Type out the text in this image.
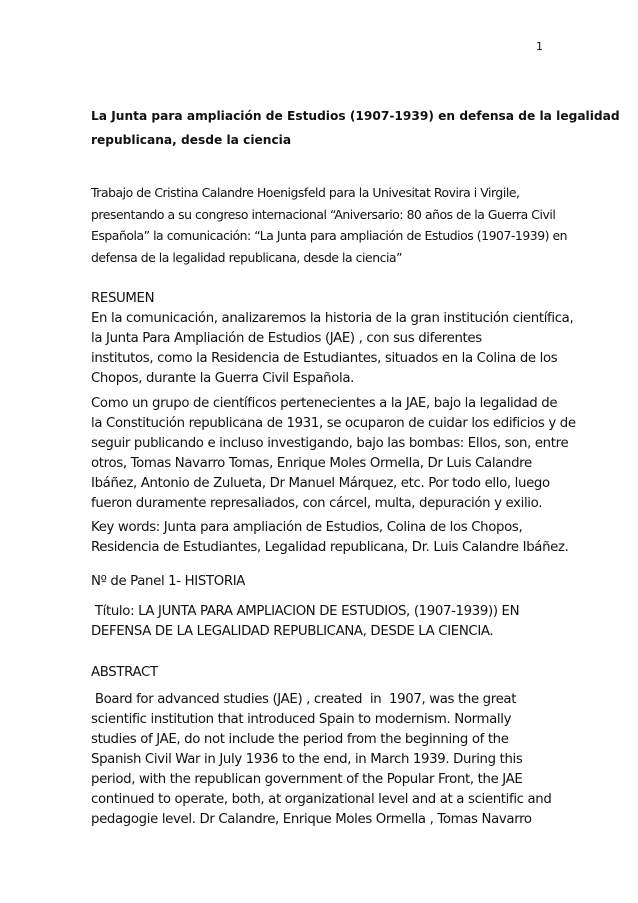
1
La Junta para ampliación de Estudios (1907-1939) en defensa de la legalidad
republicana, desde la ciencia
Trabajo de Cristina Calandre Hoenigsfeld para la Univesitat Rovira i Virgile,
presentando a su congreso internacional “Aniversario: 80 años de la Guerra Civil
Española” la comunicación: “La Junta para ampliación de Estudios (1907-1939) en
defensa de la legalidad republicana, desde la ciencia”
RESUMEN
En la comunicación, analizaremos la historia de la gran institución científica,
la Junta Para Ampliación de Estudios (JAE) , con sus diferentes
institutos, como la Residencia de Estudiantes, situados en la Colina de los
Chopos, durante la Guerra Civil Española.
Como un grupo de científicos pertenecientes a la JAE, bajo la legalidad de
la Constitución republicana de 1931, se ocuparon de cuidar los edificios y de
seguir publicando e incluso investigando, bajo las bombas: Ellos, son, entre
otros, Tomas Navarro Tomas, Enrique Moles Ormella, Dr Luis Calandre
Ibáñez, Antonio de Zulueta, Dr Manuel Márquez, etc. Por todo ello, luego
fueron duramente represaliados, con cárcel, multa, depuración y exilio.
Key words: Junta para ampliación de Estudios, Colina de los Chopos,
Residencia de Estudiantes, Legalidad republicana, Dr. Luis Calandre Ibáñez.
Nº de Panel 1- HISTORIA
Título: LA JUNTA PARA AMPLIACION DE ESTUDIOS, (1907-1939)) EN
DEFENSA DE LA LEGALIDAD REPUBLICANA, DESDE LA CIENCIA.
ABSTRACT
Board for advanced studies (JAE) , created  in  1907, was the great
scientific institution that introduced Spain to modernism. Normally
studies of JAE, do not include the period from the beginning of the
Spanish Civil War in July 1936 to the end, in March 1939. During this
period, with the republican government of the Popular Front, the JAE
continued to operate, both, at organizational level and at a scientific and
pedagogie level. Dr Calandre, Enrique Moles Ormella , Tomas Navarro
